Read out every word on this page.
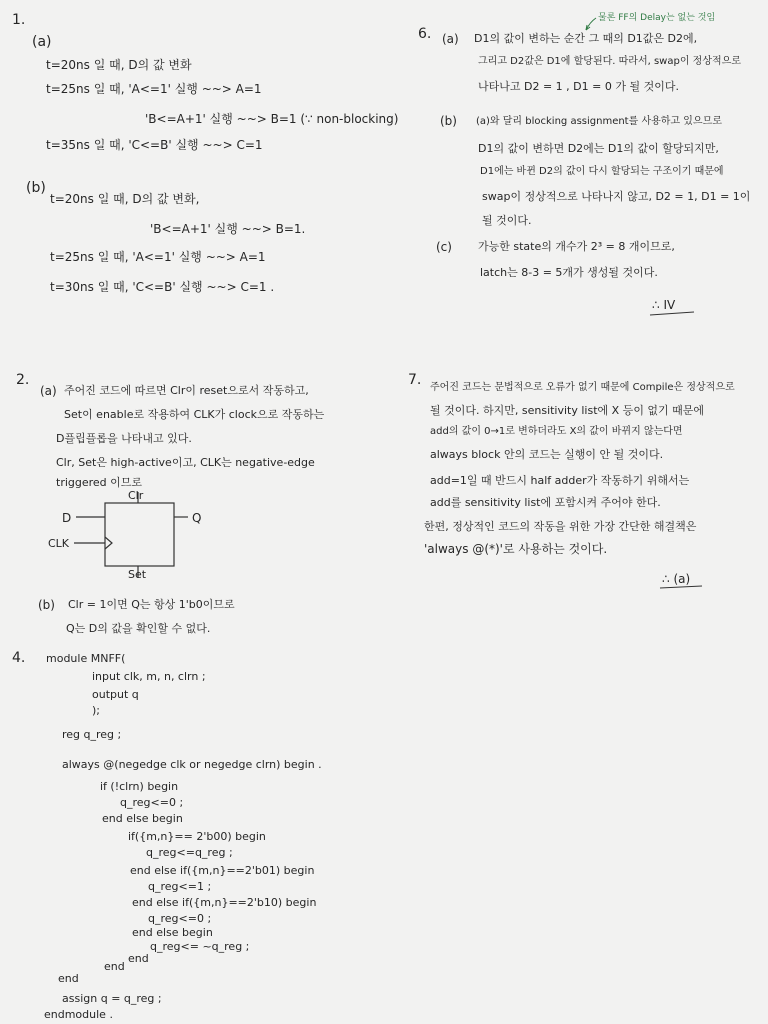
1.
(a)
t=20ns 일 때, D의 값 변화
t=25ns 일 때, 'A<=1' 실행 ~~> A=1
'B<=A+1' 실행 ~~> B=1 (∵ non-blocking)
t=35ns 일 때, 'C<=B' 실행 ~~> C=1
(b)
t=20ns 일 때, D의 값 변화,
'B<=A+1' 실행 ~~> B=1.
t=25ns 일 때, 'A<=1' 실행 ~~> A=1
t=30ns 일 때, 'C<=B' 실행 ~~> C=1 .
물론 FF의 Delay는 없는 것임
6. (a) D1의 값이 변하는 순간 그 때의 D1값은 D2에,
그리고 D2값은 D1에 할당된다. 따라서, swap이 정상적으로
나타나고 D2 = 1 , D1 = 0 가 될 것이다.
(b) (a)와 달리 blocking assignment를 사용하고 있으므로
D1의 값이 변하면 D2에는 D1의 값이 할당되지만,
D1에는 바뀐 D2의 값이 다시 할당되는 구조이기 때문에
swap이 정상적으로 나타나지 않고, D2 = 1, D1 = 1이
될 것이다.
(c) 가능한 state의 개수가 2³ = 8 개이므로,
latch는 8-3 = 5개가 생성될 것이다.
∴ IV
2.
(a) 주어진 코드에 따르면 Clr이 reset으로서 작동하고,
Set이 enable로 작용하여 CLK가 clock으로 작동하는
D플립플롭을 나타내고 있다.
Clr, Set은 high-active이고, CLK는 negative-edge
triggered 이므로
Clr
D
CLK
Q
Set
(b) Clr = 1이면 Q는 항상 1'b0이므로
Q는 D의 값을 확인할 수 없다.
4. module MNFF(
input clk, m, n, clrn ;
output q
);
reg q_reg ;
always @(negedge clk or negedge clrn) begin .
if (!clrn) begin
q_reg<=0 ;
end else begin
if({m,n}== 2'b00) begin
q_reg<=q_reg ;
end else if({m,n}==2'b01) begin
q_reg<=1 ;
end else if({m,n}==2'b10) begin
q_reg<=0 ;
end else begin
q_reg<= ~q_reg ;
end
end
end
assign q = q_reg ;
endmodule .
7. 주어진 코드는 문법적으로 오류가 없기 때문에 Compile은 정상적으로
될 것이다. 하지만, sensitivity list에 X 등이 없기 때문에
add의 값이 0→1로 변하더라도 X의 값이 바뀌지 않는다면
always block 안의 코드는 실행이 안 될 것이다.
add=1일 때 반드시 half adder가 작동하기 위해서는
add를 sensitivity list에 포함시켜 주어야 한다.
한편, 정상적인 코드의 작동을 위한 가장 간단한 해결책은
'always @(*)'로 사용하는 것이다.
∴ (a)
